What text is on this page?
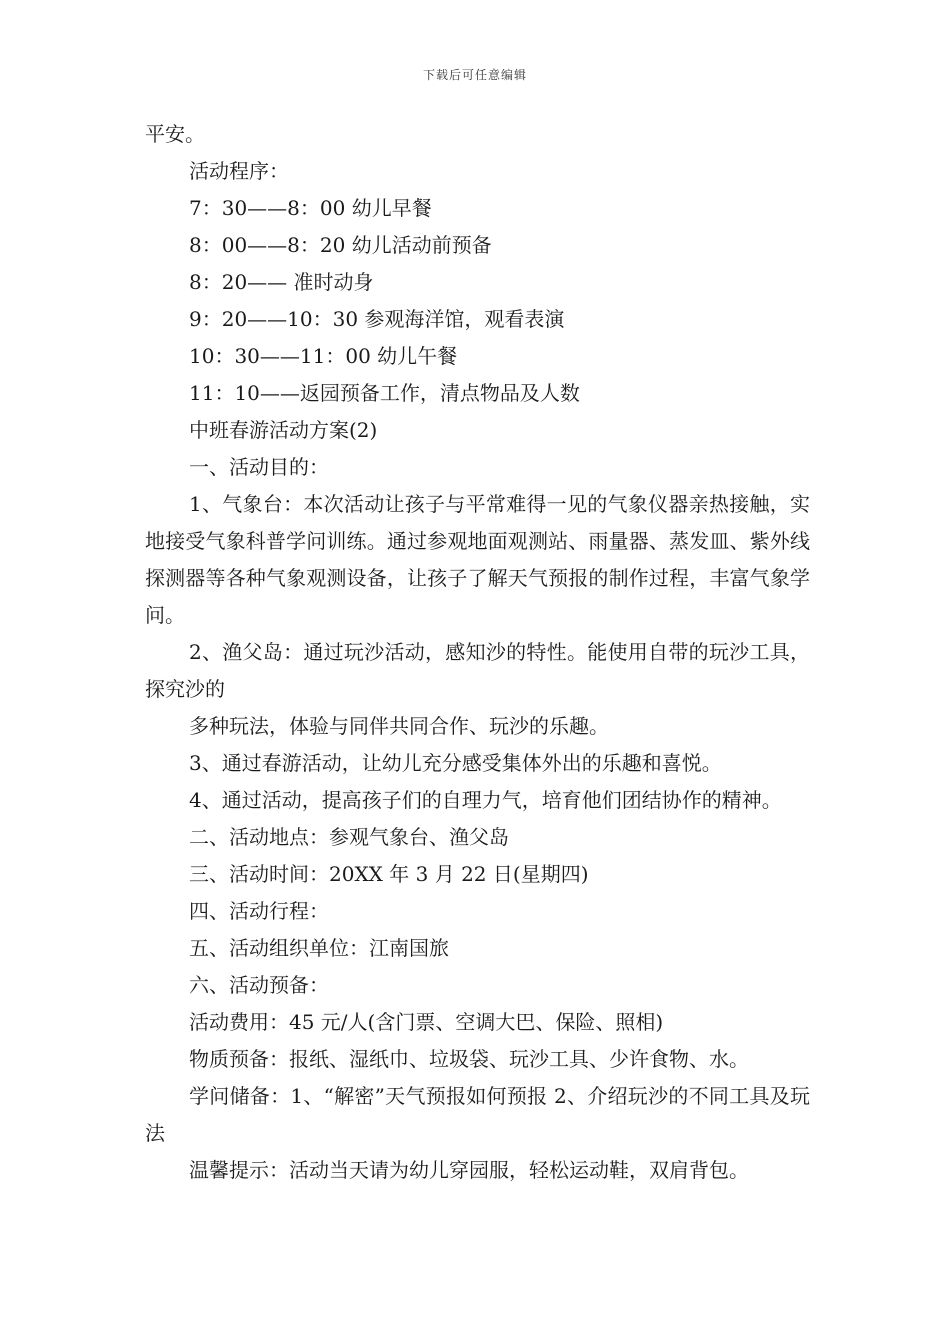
下载后可任意编辑

平安。

活动程序：

7：30——8：00 幼儿早餐

8：00——8：20 幼儿活动前预备

8：20—— 准时动身

9：20——10：30 参观海洋馆，观看表演

10：30——11：00 幼儿午餐

11：10——返园预备工作，清点物品及人数

中班春游活动方案(2)

一、活动目的：

1、气象台：本次活动让孩子与平常难得一见的气象仪器亲热接触，实地接受气象科普学问训练。通过参观地面观测站、雨量器、蒸发皿、紫外线探测器等各种气象观测设备，让孩子了解天气预报的制作过程，丰富气象学问。

2、渔父岛：通过玩沙活动，感知沙的特性。能使用自带的玩沙工具，探究沙的

多种玩法，体验与同伴共同合作、玩沙的乐趣。

3、通过春游活动，让幼儿充分感受集体外出的乐趣和喜悦。

4、通过活动，提高孩子们的自理力气，培育他们团结协作的精神。

二、活动地点：参观气象台、渔父岛

三、活动时间：20XX 年 3 月 22 日(星期四)

四、活动行程：

五、活动组织单位：江南国旅

六、活动预备：

活动费用：45 元/人(含门票、空调大巴、保险、照相)

物质预备：报纸、湿纸巾、垃圾袋、玩沙工具、少许食物、水。

学问储备：1、“解密”天气预报如何预报 2、介绍玩沙的不同工具及玩法

温馨提示：活动当天请为幼儿穿园服，轻松运动鞋，双肩背包。
